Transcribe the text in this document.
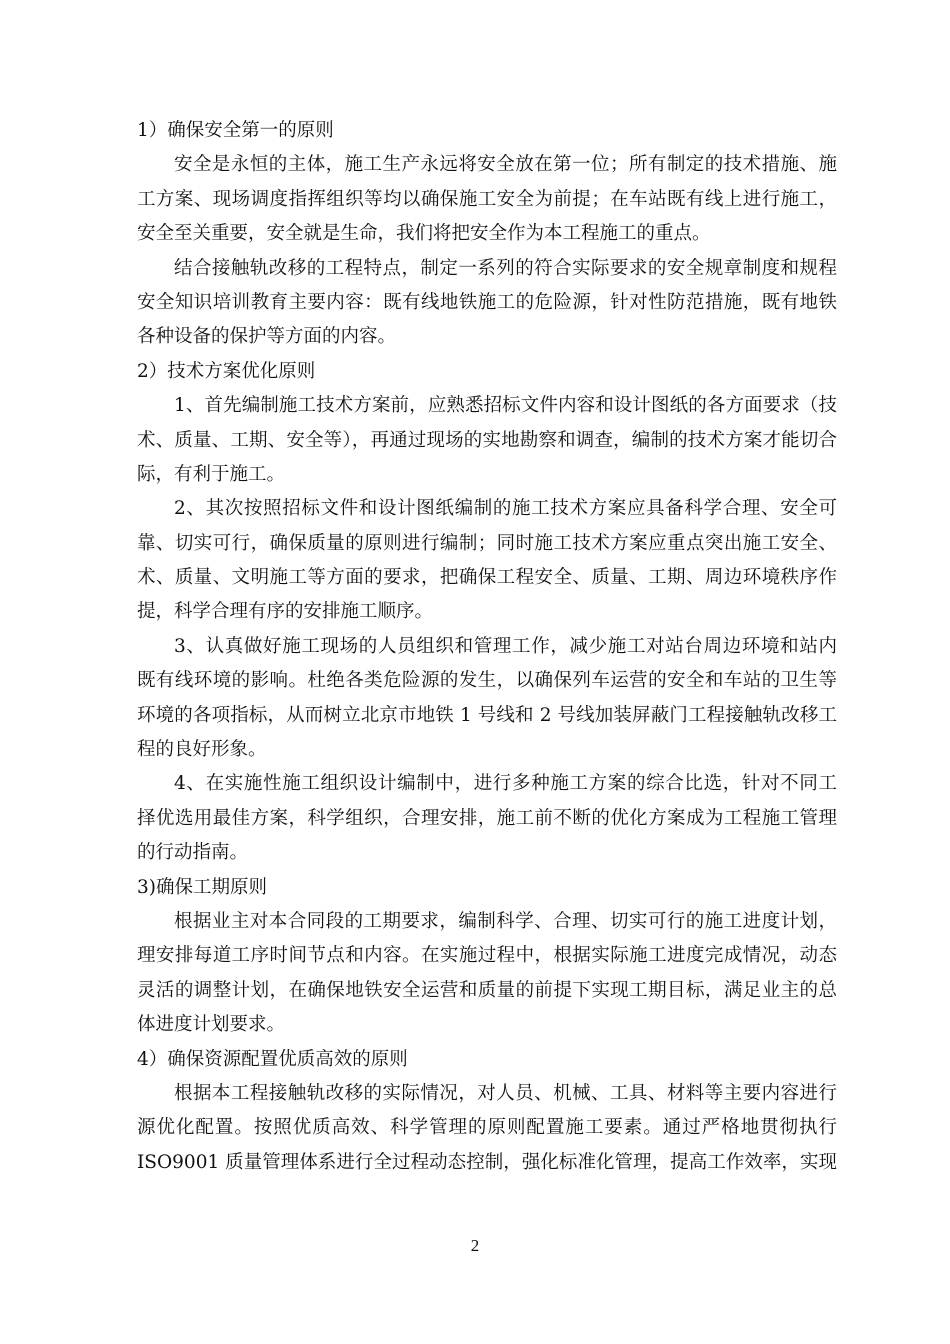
1）确保安全第一的原则
安全是永恒的主体，施工生产永远将安全放在第一位；所有制定的技术措施、施
工方案、现场调度指挥组织等均以确保施工安全为前提；在车站既有线上进行施工，
安全至关重要，安全就是生命，我们将把安全作为本工程施工的重点。
结合接触轨改移的工程特点，制定一系列的符合实际要求的安全规章制度和规程
安全知识培训教育主要内容：既有线地铁施工的危险源，针对性防范措施，既有地铁
各种设备的保护等方面的内容。
2）技术方案优化原则
1、首先编制施工技术方案前，应熟悉招标文件内容和设计图纸的各方面要求（技
术、质量、工期、安全等），再通过现场的实地勘察和调查，编制的技术方案才能切合
际，有利于施工。
2、其次按照招标文件和设计图纸编制的施工技术方案应具备科学合理、安全可
靠、切实可行，确保质量的原则进行编制；同时施工技术方案应重点突出施工安全、
术、质量、文明施工等方面的要求，把确保工程安全、质量、工期、周边环境秩序作
提，科学合理有序的安排施工顺序。
3、认真做好施工现场的人员组织和管理工作，减少施工对站台周边环境和站内
既有线环境的影响。杜绝各类危险源的发生，以确保列车运营的安全和车站的卫生等
环境的各项指标，从而树立北京市地铁 1 号线和 2 号线加装屏蔽门工程接触轨改移工
程的良好形象。
4、在实施性施工组织设计编制中，进行多种施工方案的综合比选，针对不同工
择优选用最佳方案，科学组织，合理安排，施工前不断的优化方案成为工程施工管理
的行动指南。
3)确保工期原则
根据业主对本合同段的工期要求，编制科学、合理、切实可行的施工进度计划，
理安排每道工序时间节点和内容。在实施过程中，根据实际施工进度完成情况，动态
灵活的调整计划，在确保地铁安全运营和质量的前提下实现工期目标，满足业主的总
体进度计划要求。
4）确保资源配置优质高效的原则
根据本工程接触轨改移的实际情况，对人员、机械、工具、材料等主要内容进行
源优化配置。按照优质高效、科学管理的原则配置施工要素。通过严格地贯彻执行
ISO9001 质量管理体系进行全过程动态控制，强化标准化管理，提高工作效率，实现
2
